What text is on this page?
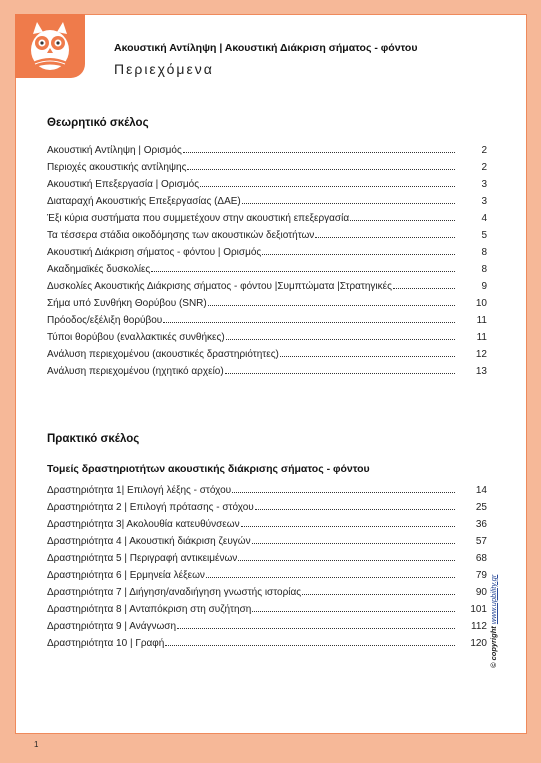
Ακουστική Αντίληψη | Ακουστική Διάκριση σήματος - φόντου
Περιεχόμενα
Θεωρητικό σκέλος
Ακουστική Αντίληψη | Ορισμός	2
Περιοχές ακουστικής αντίληψης	2
Ακουστική Επεξεργασία | Ορισμός	3
Διαταραχή Ακουστικής Επεξεργασίας (ΔΑΕ)	3
Έξι κύρια συστήματα που συμμετέχουν στην ακουστική επεξεργασία	4
Τα τέσσερα στάδια οικοδόμησης των ακουστικών δεξιοτήτων	5
Ακουστική Διάκριση σήματος - φόντου | Ορισμός	8
Ακαδημαϊκές δυσκολίες	8
Δυσκολίες Ακουστικής Διάκρισης σήματος - φόντου |Συμπτώματα |Στρατηγικές	9
Σήμα υπό Συνθήκη Θορύβου (SNR)	10
Πρόοδος/εξέλιξη θορύβου	11
Τύποι θορύβου (εναλλακτικές συνθήκες)	11
Ανάλυση περιεχομένου (ακουστικές δραστηριότητες)	12
Ανάλυση περιεχομένου (ηχητικό αρχείο)	13
Πρακτικό σκέλος
Τομείς δραστηριοτήτων ακουστικής διάκρισης σήματος - φόντου
Δραστηριότητα 1| Επιλογή λέξης - στόχου	14
Δραστηριότητα 2 | Επιλογή πρότασης - στόχου	25
Δραστηριότητα 3| Ακολουθία κατευθύνσεων	36
Δραστηριότητα 4 | Ακουστική διάκριση ζευγών	57
Δραστηριότητα 5 | Περιγραφή αντικειμένων	68
Δραστηριότητα 6 | Ερμηνεία λέξεων	79
Δραστηριότητα 7 | Διήγηση/αναδιήγηση γνωστής ιστορίας	90
Δραστηριότητα 8 | Ανταπόκριση στη συζήτηση	101
Δραστηριότητα 9 | Ανάγνωση	112
Δραστηριότητα 10 | Γραφή	120 © copyright www.upbility.gr
1
